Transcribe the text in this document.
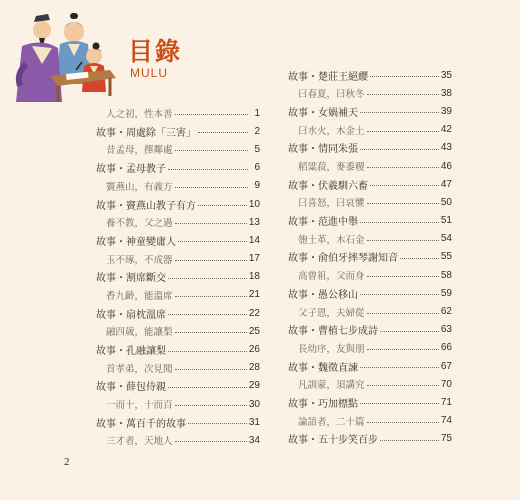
目錄
MULU
人之初，性本善	1
故事・周處除「三害」	2
昔孟母，擇鄰處	5
故事・孟母教子	6
竇燕山，有義方	9
故事・竇燕山教子有方	10
養不教，父之過	13
故事・神童變庸人	14
玉不琢，不成器	17
故事・割席斷交	18
香九齡，能溫席	21
故事・扇枕溫席	22
融四歲，能讓梨	25
故事・孔融讓梨	26
首孝弟，次見聞	28
故事・薛包侍親	29
一而十，十而百	30
故事・萬百千的故事	31
三才者，天地人	34
故事・楚莊王絕纓	35
曰春夏，曰秋冬	38
故事・女媧補天	39
曰水火，木金土	42
故事・情同朱張	43
稻粱菽，麥黍稷	46
故事・伏羲馴六畜	47
曰喜怒，曰哀懼	50
故事・范進中舉	51
匏土革，木石金	54
故事・俞伯牙摔琴謝知音	55
高曾祖，父而身	58
故事・愚公移山	59
父子恩，夫婦從	62
故事・曹植七步成詩	63
長幼序，友與朋	66
故事・魏徵直諫	67
凡訓蒙，須講究	70
故事・巧加標點	71
論語者，二十篇	74
故事・五十步笑百步	75
2
